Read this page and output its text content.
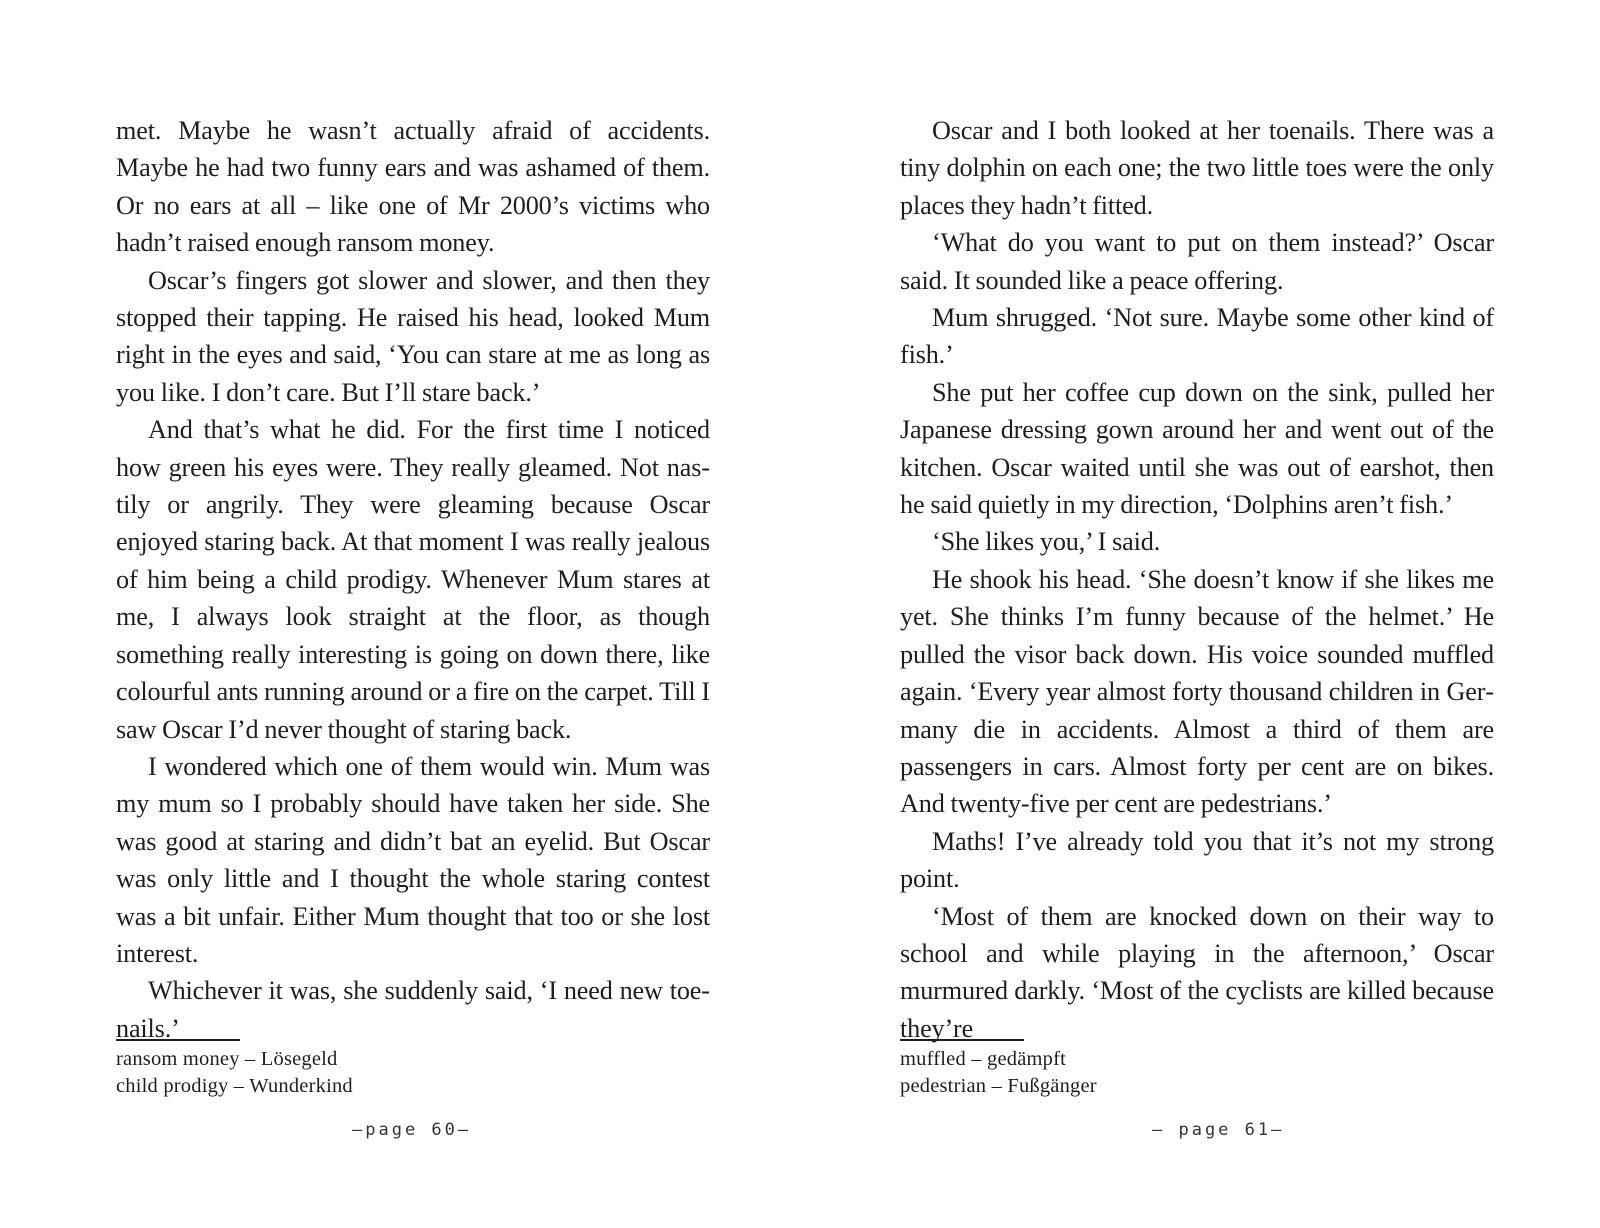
met. Maybe he wasn’t actually afraid of accidents. Maybe he had two funny ears and was ashamed of them. Or no ears at all – like one of Mr 2000’s victims who hadn’t raised enough ransom money.

Oscar’s fingers got slower and slower, and then they stopped their tapping. He raised his head, looked Mum right in the eyes and said, ‘You can stare at me as long as you like. I don’t care. But I’ll stare back.’

And that’s what he did. For the first time I noticed how green his eyes were. They really gleamed. Not nastily or angrily. They were gleaming because Oscar enjoyed staring back. At that moment I was really jealous of him being a child prodigy. Whenever Mum stares at me, I always look straight at the floor, as though something really interesting is going on down there, like colourful ants running around or a fire on the carpet. Till I saw Oscar I’d never thought of staring back.

I wondered which one of them would win. Mum was my mum so I probably should have taken her side. She was good at staring and didn’t bat an eyelid. But Oscar was only little and I thought the whole staring contest was a bit unfair. Either Mum thought that too or she lost interest.

Whichever it was, she suddenly said, ‘I need new toenails.’

ransom money – Lösegeld
child prodigy – Wunderkind
–page 60–

Oscar and I both looked at her toenails. There was a tiny dolphin on each one; the two little toes were the only places they hadn’t fitted.

‘What do you want to put on them instead?’ Oscar said. It sounded like a peace offering.

Mum shrugged. ‘Not sure. Maybe some other kind of fish.’

She put her coffee cup down on the sink, pulled her Japanese dressing gown around her and went out of the kitchen. Oscar waited until she was out of earshot, then he said quietly in my direction, ‘Dolphins aren’t fish.’

‘She likes you,’ I said.

He shook his head. ‘She doesn’t know if she likes me yet. She thinks I’m funny because of the helmet.’ He pulled the visor back down. His voice sounded muffled again. ‘Every year almost forty thousand children in Germany die in accidents. Almost a third of them are passengers in cars. Almost forty per cent are on bikes. And twenty-five per cent are pedestrians.’

Maths! I’ve already told you that it’s not my strong point.

‘Most of them are knocked down on their way to school and while playing in the afternoon,’ Oscar murmured darkly. ‘Most of the cyclists are killed because they’re

muffled – gedämpft
pedestrian – Fußgänger
– page 61–
